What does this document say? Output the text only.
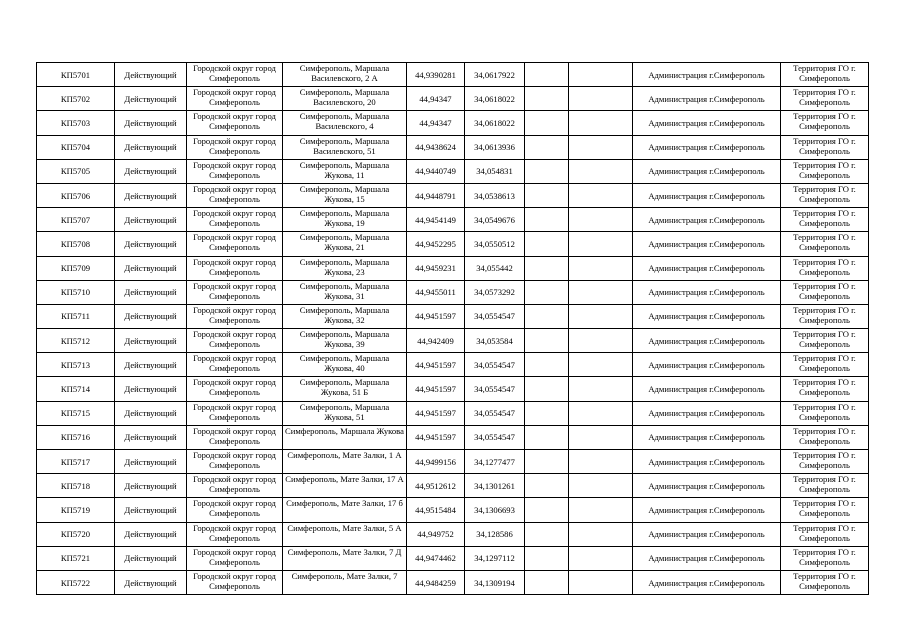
КП5701	Действующий	Городской округ город Симферополь	Симферополь, Маршала Василевского, 2 А	44,9390281	34,0617922			Администрация г.Симферополь	Территория ГО г. Симферополь
КП5702	Действующий	Городской округ город Симферополь	Симферополь, Маршала Василевского, 20	44,94347	34,0618022			Администрация г.Симферополь	Территория ГО г. Симферополь
КП5703	Действующий	Городской округ город Симферополь	Симферополь, Маршала Василевского, 4	44,94347	34,0618022			Администрация г.Симферополь	Территория ГО г. Симферополь
КП5704	Действующий	Городской округ город Симферополь	Симферополь, Маршала Василевского, 51	44,9438624	34,0613936			Администрация г.Симферополь	Территория ГО г. Симферополь
КП5705	Действующий	Городской округ город Симферополь	Симферополь, Маршала Жукова, 11	44,9440749	34,054831			Администрация г.Симферополь	Территория ГО г. Симферополь
КП5706	Действующий	Городской округ город Симферополь	Симферополь, Маршала Жукова, 15	44,9448791	34,0538613			Администрация г.Симферополь	Территория ГО г. Симферополь
КП5707	Действующий	Городской округ город Симферополь	Симферополь, Маршала Жукова, 19	44,9454149	34,0549676			Администрация г.Симферополь	Территория ГО г. Симферополь
КП5708	Действующий	Городской округ город Симферополь	Симферополь, Маршала Жукова, 21	44,9452295	34,0550512			Администрация г.Симферополь	Территория ГО г. Симферополь
КП5709	Действующий	Городской округ город Симферополь	Симферополь, Маршала Жукова, 23	44,9459231	34,055442			Администрация г.Симферополь	Территория ГО г. Симферополь
КП5710	Действующий	Городской округ город Симферополь	Симферополь, Маршала Жукова, 31	44,9455011	34,0573292			Администрация г.Симферополь	Территория ГО г. Симферополь
КП5711	Действующий	Городской округ город Симферополь	Симферополь, Маршала Жукова, 32	44,9451597	34,0554547			Администрация г.Симферополь	Территория ГО г. Симферополь
КП5712	Действующий	Городской округ город Симферополь	Симферополь, Маршала Жукова, 39	44,942409	34,053584			Администрация г.Симферополь	Территория ГО г. Симферополь
КП5713	Действующий	Городской округ город Симферополь	Симферополь, Маршала Жукова, 40	44,9451597	34,0554547			Администрация г.Симферополь	Территория ГО г. Симферополь
КП5714	Действующий	Городской округ город Симферополь	Симферополь, Маршала Жукова, 51 Б	44,9451597	34,0554547			Администрация г.Симферополь	Территория ГО г. Симферополь
КП5715	Действующий	Городской округ город Симферополь	Симферополь, Маршала Жукова, 51	44,9451597	34,0554547			Администрация г.Симферополь	Территория ГО г. Симферополь
КП5716	Действующий	Городской округ город Симферополь	Симферополь, Маршала Жукова	44,9451597	34,0554547			Администрация г.Симферополь	Территория ГО г. Симферополь
КП5717	Действующий	Городской округ город Симферополь	Симферополь, Мате Залки, 1 А	44,9499156	34,1277477			Администрация г.Симферополь	Территория ГО г. Симферополь
КП5718	Действующий	Городской округ город Симферополь	Симферополь, Мате Залки, 17 А	44,9512612	34,1301261			Администрация г.Симферополь	Территория ГО г. Симферополь
КП5719	Действующий	Городской округ город Симферополь	Симферополь, Мате Залки, 17 б	44,9515484	34,1306693			Администрация г.Симферополь	Территория ГО г. Симферополь
КП5720	Действующий	Городской округ город Симферополь	Симферополь, Мате Залки, 5 А	44,949752	34,128586			Администрация г.Симферополь	Территория ГО г. Симферополь
КП5721	Действующий	Городской округ город Симферополь	Симферополь, Мате Залки, 7 Д	44,9474462	34,1297112			Администрация г.Симферополь	Территория ГО г. Симферополь
КП5722	Действующий	Городской округ город Симферополь	Симферополь, Мате Залки, 7	44,9484259	34,1309194			Администрация г.Симферополь	Территория ГО г. Симферополь
